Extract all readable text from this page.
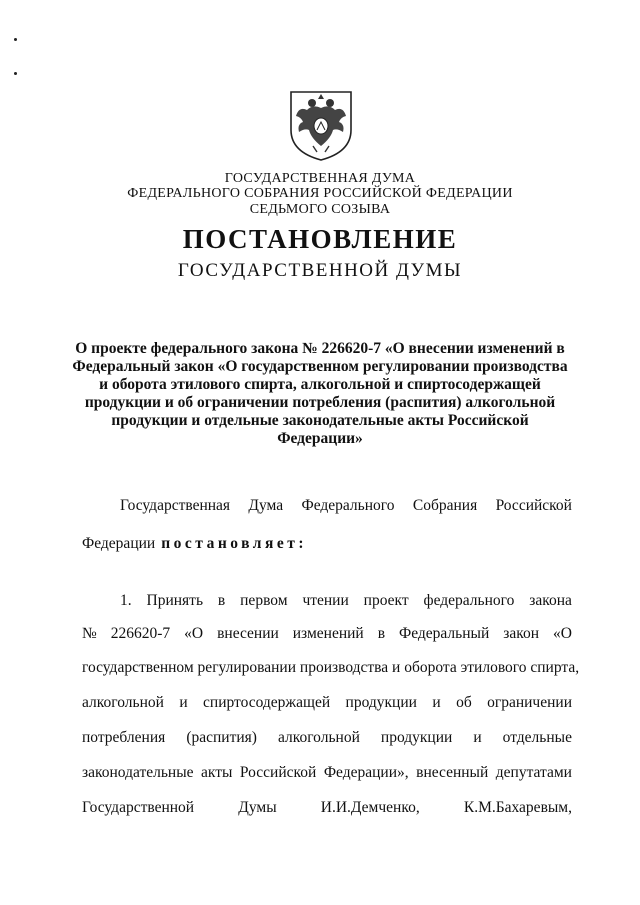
ГОСУДАРСТВЕННАЯ ДУМА
ФЕДЕРАЛЬНОГО СОБРАНИЯ РОССИЙСКОЙ ФЕДЕРАЦИИ
СЕДЬМОГО СОЗЫВА
ПОСТАНОВЛЕНИЕ
ГОСУДАРСТВЕННОЙ ДУМЫ
О проекте федерального закона № 226620-7 «О внесении изменений в
Федеральный закон «О государственном регулировании производства
и оборота этилового спирта, алкогольной и спиртосодержащей
продукции и об ограничении потребления (распития) алкогольной
продукции и отдельные законодательные акты Российской
Федерации»
Государственная Дума Федерального Собрания Российской
Федерации постановляет:
1. Принять в первом чтении проект федерального закона
№ 226620-7 «О внесении изменений в Федеральный закон «О
государственном регулировании производства и оборота этилового спирта,
алкогольной и спиртосодержащей продукции и об ограничении
потребления (распития) алкогольной продукции и отдельные
законодательные акты Российской Федерации», внесенный депутатами
Государственной	Думы	И.И.Демченко,	К.М.Бахаревым,
